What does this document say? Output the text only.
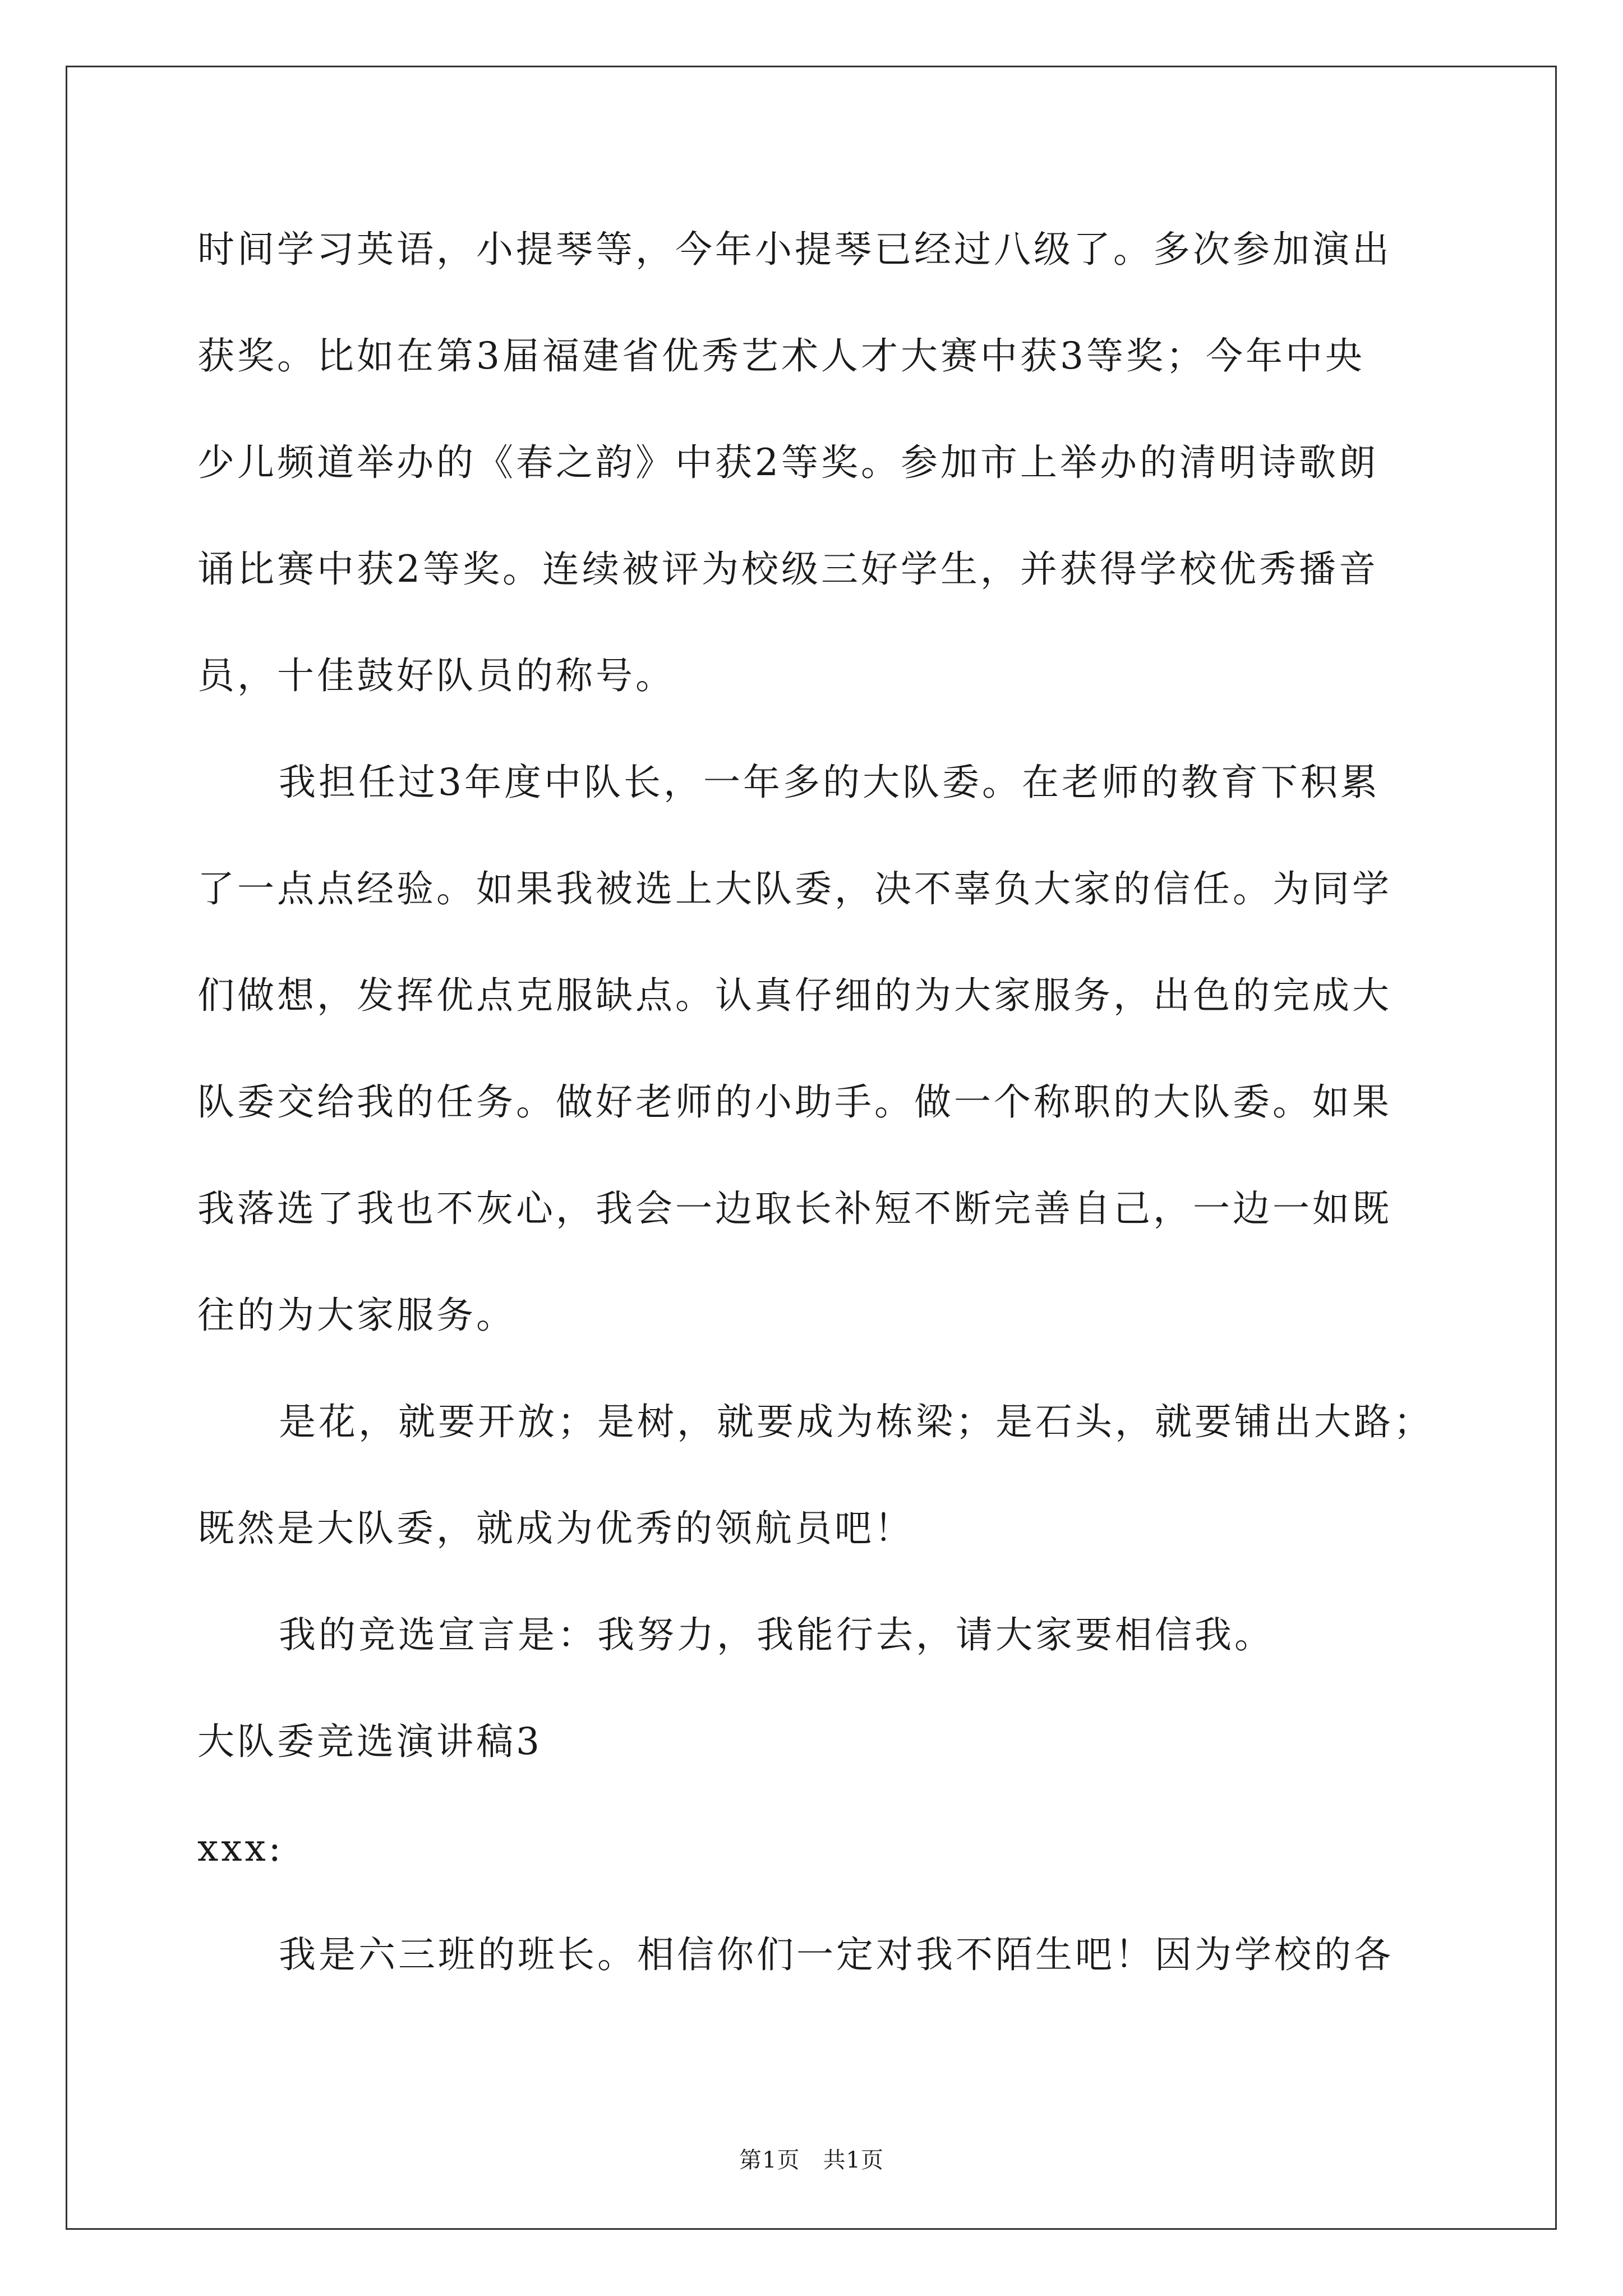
时间学习英语，小提琴等，今年小提琴已经过八级了。多次参加演出
获奖。比如在第3届福建省优秀艺术人才大赛中获3等奖；今年中央
少儿频道举办的《春之韵》中获2等奖。参加市上举办的清明诗歌朗
诵比赛中获2等奖。连续被评为校级三好学生，并获得学校优秀播音
员，十佳鼓好队员的称号。
我担任过3年度中队长，一年多的大队委。在老师的教育下积累
了一点点经验。如果我被选上大队委，决不辜负大家的信任。为同学
们做想，发挥优点克服缺点。认真仔细的为大家服务，出色的完成大
队委交给我的任务。做好老师的小助手。做一个称职的大队委。如果
我落选了我也不灰心，我会一边取长补短不断完善自己，一边一如既
往的为大家服务。
是花，就要开放；是树，就要成为栋梁；是石头，就要铺出大路；
既然是大队委，就成为优秀的领航员吧！
我的竞选宣言是：我努力，我能行去，请大家要相信我。
大队委竞选演讲稿3
xxx:
我是六三班的班长。相信你们一定对我不陌生吧！因为学校的各
第1页　共1页
